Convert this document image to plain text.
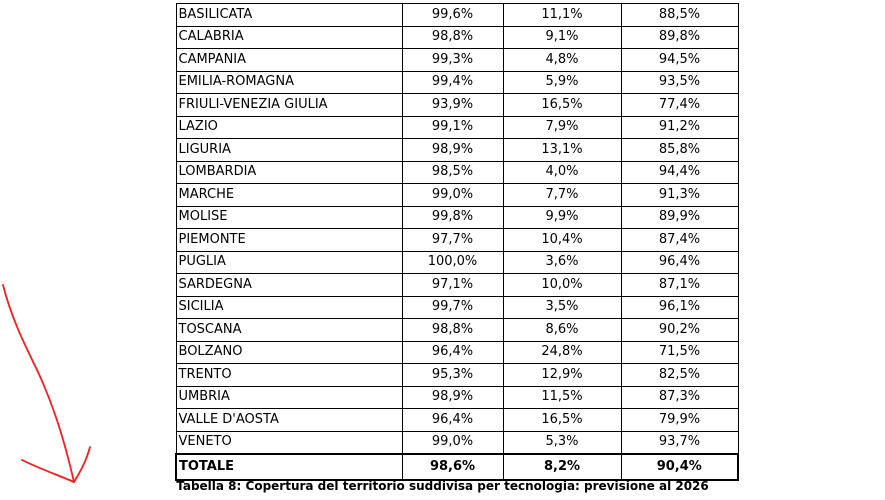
BASILICATA	99,6%	11,1%	88,5%
CALABRIA	98,8%	9,1%	89,8%
CAMPANIA	99,3%	4,8%	94,5%
EMILIA-ROMAGNA	99,4%	5,9%	93,5%
FRIULI-VENEZIA GIULIA	93,9%	16,5%	77,4%
LAZIO	99,1%	7,9%	91,2%
LIGURIA	98,9%	13,1%	85,8%
LOMBARDIA	98,5%	4,0%	94,4%
MARCHE	99,0%	7,7%	91,3%
MOLISE	99,8%	9,9%	89,9%
PIEMONTE	97,7%	10,4%	87,4%
PUGLIA	100,0%	3,6%	96,4%
SARDEGNA	97,1%	10,0%	87,1%
SICILIA	99,7%	3,5%	96,1%
TOSCANA	98,8%	8,6%	90,2%
BOLZANO	96,4%	24,8%	71,5%
TRENTO	95,3%	12,9%	82,5%
UMBRIA	98,9%	11,5%	87,3%
VALLE D'AOSTA	96,4%	16,5%	79,9%
VENETO	99,0%	5,3%	93,7%
TOTALE	98,6%	8,2%	90,4%
Tabella 8: Copertura del territorio suddivisa per tecnologia: previsione al 2026
